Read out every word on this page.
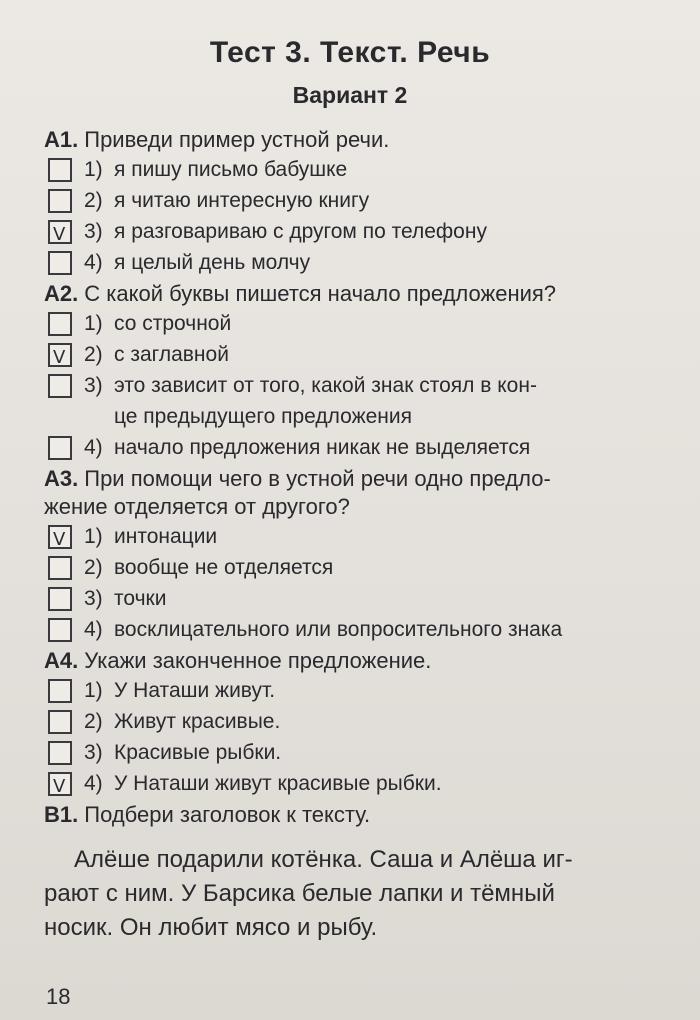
Тест 3. Текст. Речь
Вариант 2
А1. Приведи пример устной речи.
1) я пишу письмо бабушке
2) я читаю интересную книгу
V
3) я разговариваю с другом по телефону
4) я целый день молчу
А2. С какой буквы пишется начало предложения?
1) со строчной
V
2) с заглавной
3) это зависит от того, какой знак стоял в кон-
це предыдущего предложения
4) начало предложения никак не выделяется
А3. При помощи чего в устной речи одно предло-
жение отделяется от другого?
V
1) интонации
2) вообще не отделяется
3) точки
4) восклицательного или вопросительного знака
А4. Укажи законченное предложение.
1) У Наташи живут.
2) Живут красивые.
3) Красивые рыбки.
V
4) У Наташи живут красивые рыбки.
В1. Подбери заголовок к тексту.
Алёше подарили котёнка. Саша и Алёша иг-
рают с ним. У Барсика белые лапки и тёмный
носик. Он любит мясо и рыбу.
18
